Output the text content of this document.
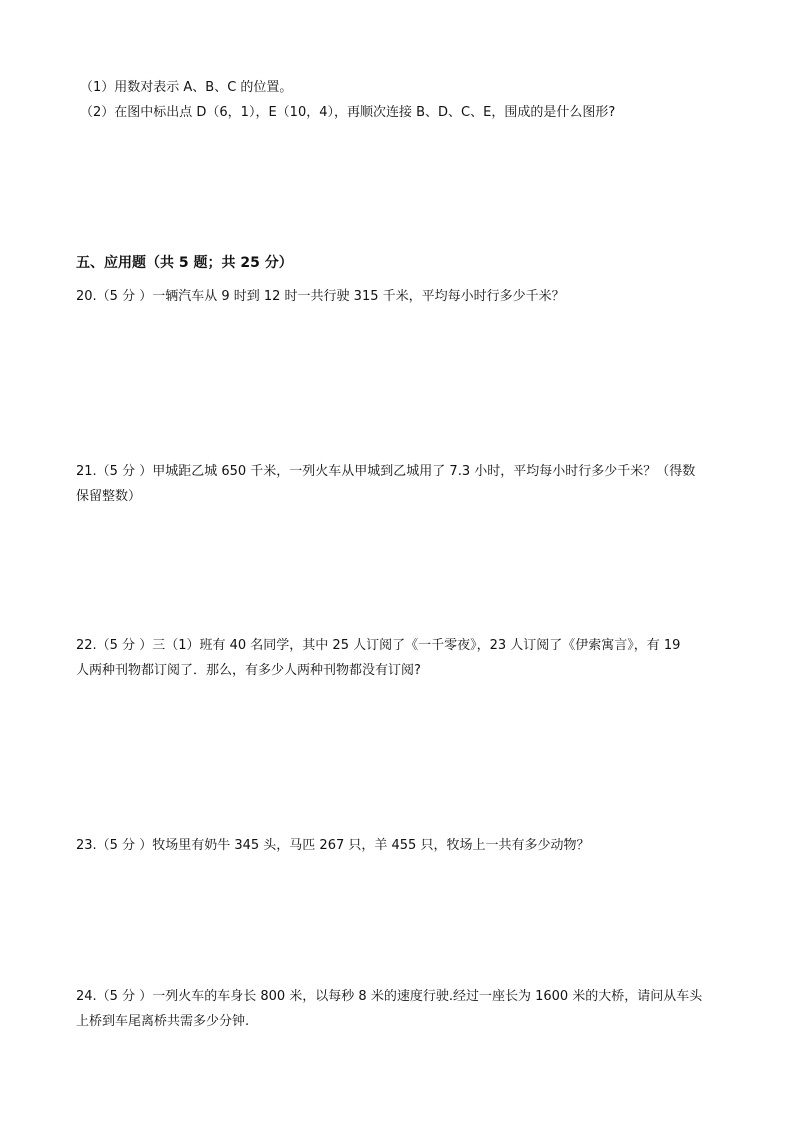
（1）用数对表示 A、B、C 的位置。
（2）在图中标出点 D（6，1），E（10，4），再顺次连接 B、D、C、E，围成的是什么图形?
五、应用题（共 5 题；共 25 分）
20.（5 分 ）一辆汽车从 9 时到 12 时一共行驶 315 千米，平均每小时行多少千米？
21.（5 分 ）甲城距乙城 650 千米，一列火车从甲城到乙城用了 7.3 小时，平均每小时行多少千米？（得数
保留整数）
22.（5 分 ）三（1）班有 40 名同学，其中 25 人订阅了《一千零夜》，23 人订阅了《伊索寓言》，有 19
人两种刊物都订阅了．那么，有多少人两种刊物都没有订阅?
23.（5 分 ）牧场里有奶牛 345 头，马匹 267 只，羊 455 只，牧场上一共有多少动物？
24.（5 分 ）一列火车的车身长 800 米，以每秒 8 米的速度行驶.经过一座长为 1600 米的大桥，请问从车头
上桥到车尾离桥共需多少分钟.
